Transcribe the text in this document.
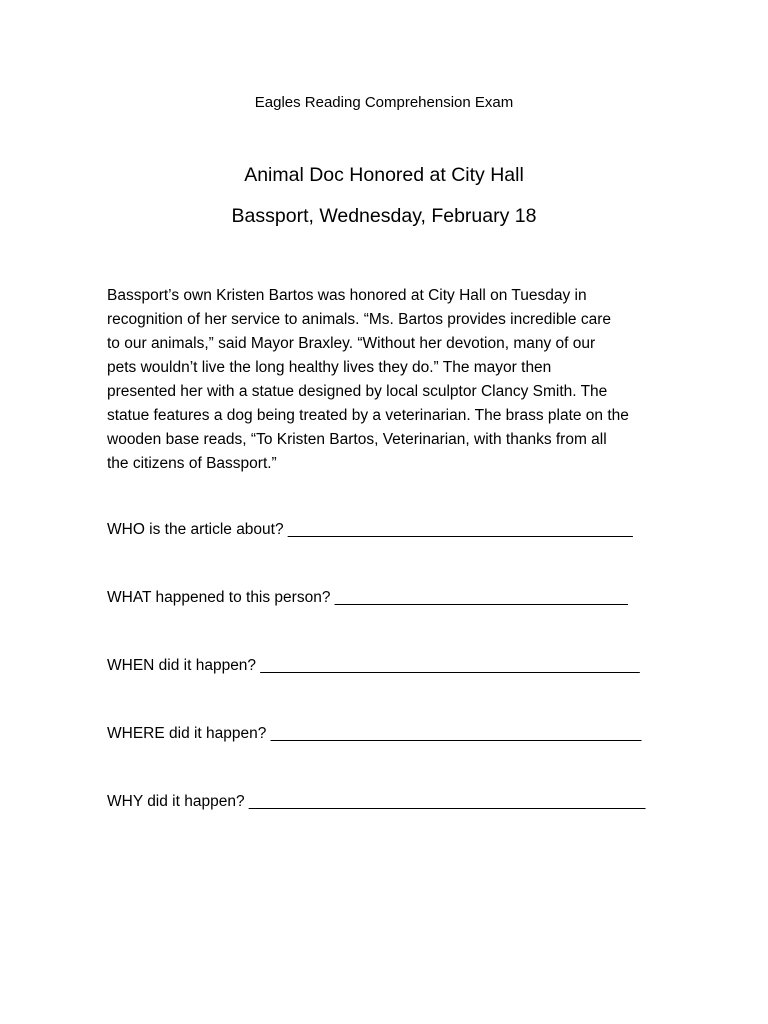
Eagles Reading Comprehension Exam
Animal Doc Honored at City Hall
Bassport, Wednesday, February 18
Bassport’s own Kristen Bartos was honored at City Hall on Tuesday in
recognition of her service to animals. “Ms. Bartos provides incredible care
to our animals,” said Mayor Braxley. “Without her devotion, many of our
pets wouldn’t live the long healthy lives they do.” The mayor then
presented her with a statue designed by local sculptor Clancy Smith. The
statue features a dog being treated by a veterinarian. The brass plate on the
wooden base reads, “To Kristen Bartos, Veterinarian, with thanks from all
the citizens of Bassport.”
WHO is the article about? ________________________________________
WHAT happened to this person? __________________________________
WHEN did it happen? ____________________________________________
WHERE did it happen? ___________________________________________
WHY did it happen? ______________________________________________
